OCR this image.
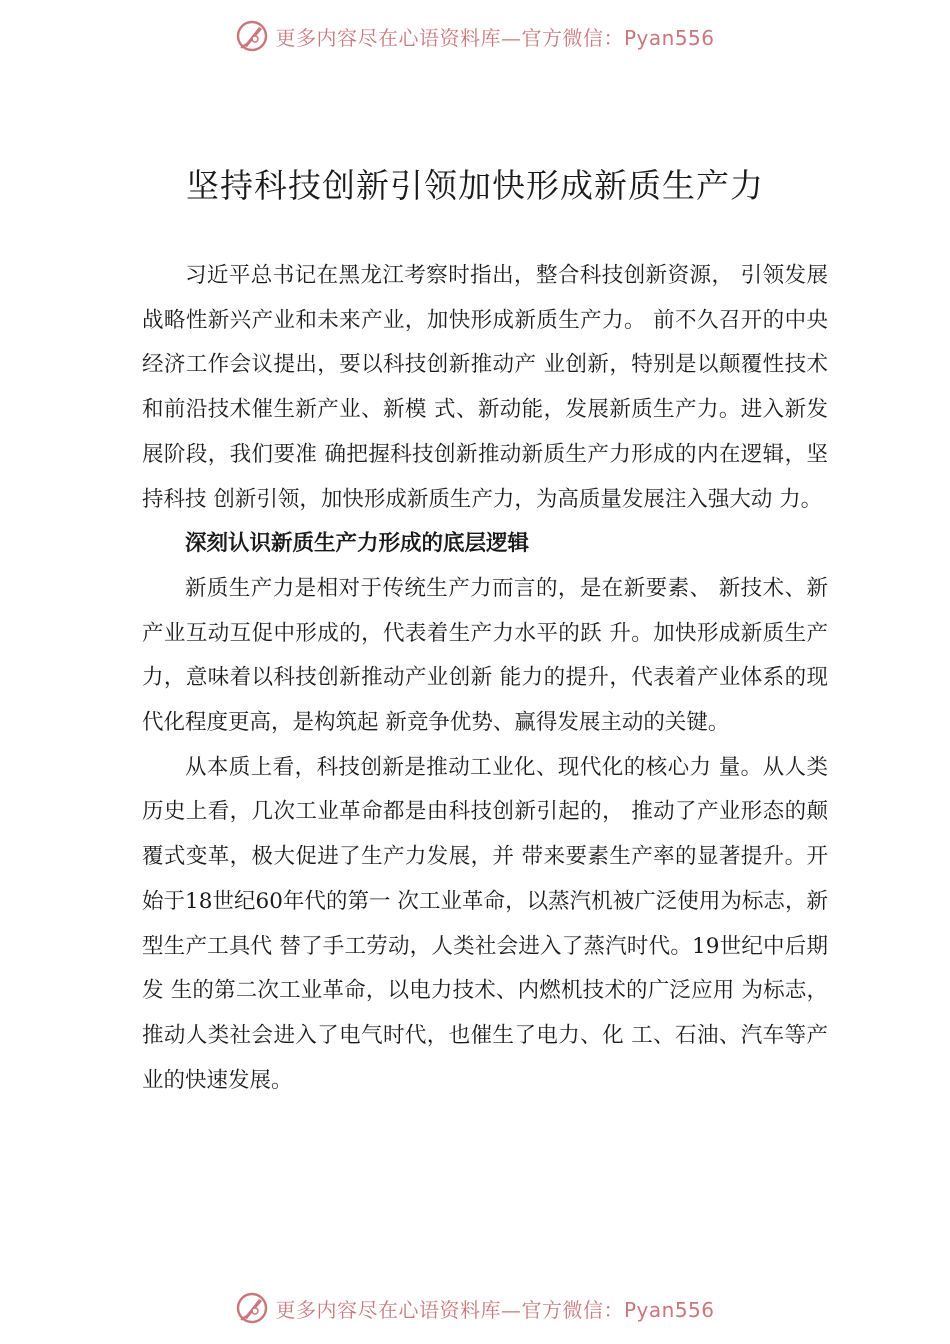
更多内容尽在心语资料库—官方微信：Pyan556
坚持科技创新引领加快形成新质生产力

习近平总书记在黑龙江考察时指出，整合科技创新资源， 引领发展战略性新兴产业和未来产业，加快形成新质生产力。 前不久召开的中央经济工作会议提出，要以科技创新推动产 业创新，特别是以颠覆性技术和前沿技术催生新产业、新模 式、新动能，发展新质生产力。进入新发展阶段，我们要准 确把握科技创新推动新质生产力形成的内在逻辑，坚持科技 创新引领，加快形成新质生产力，为高质量发展注入强大动 力。

深刻认识新质生产力形成的底层逻辑

新质生产力是相对于传统生产力而言的，是在新要素、 新技术、新产业互动互促中形成的，代表着生产力水平的跃 升。加快形成新质生产力，意味着以科技创新推动产业创新 能力的提升，代表着产业体系的现代化程度更高，是构筑起 新竞争优势、赢得发展主动的关键。

从本质上看，科技创新是推动工业化、现代化的核心力 量。从人类历史上看，几次工业革命都是由科技创新引起的， 推动了产业形态的颠覆式变革，极大促进了生产力发展，并 带来要素生产率的显著提升。开始于18世纪60年代的第一 次工业革命，以蒸汽机被广泛使用为标志，新型生产工具代 替了手工劳动，人类社会进入了蒸汽时代。19世纪中后期发 生的第二次工业革命，以电力技术、内燃机技术的广泛应用 为标志，推动人类社会进入了电气时代，也催生了电力、化 工、石油、汽车等产业的快速发展。

更多内容尽在心语资料库—官方微信：Pyan556
